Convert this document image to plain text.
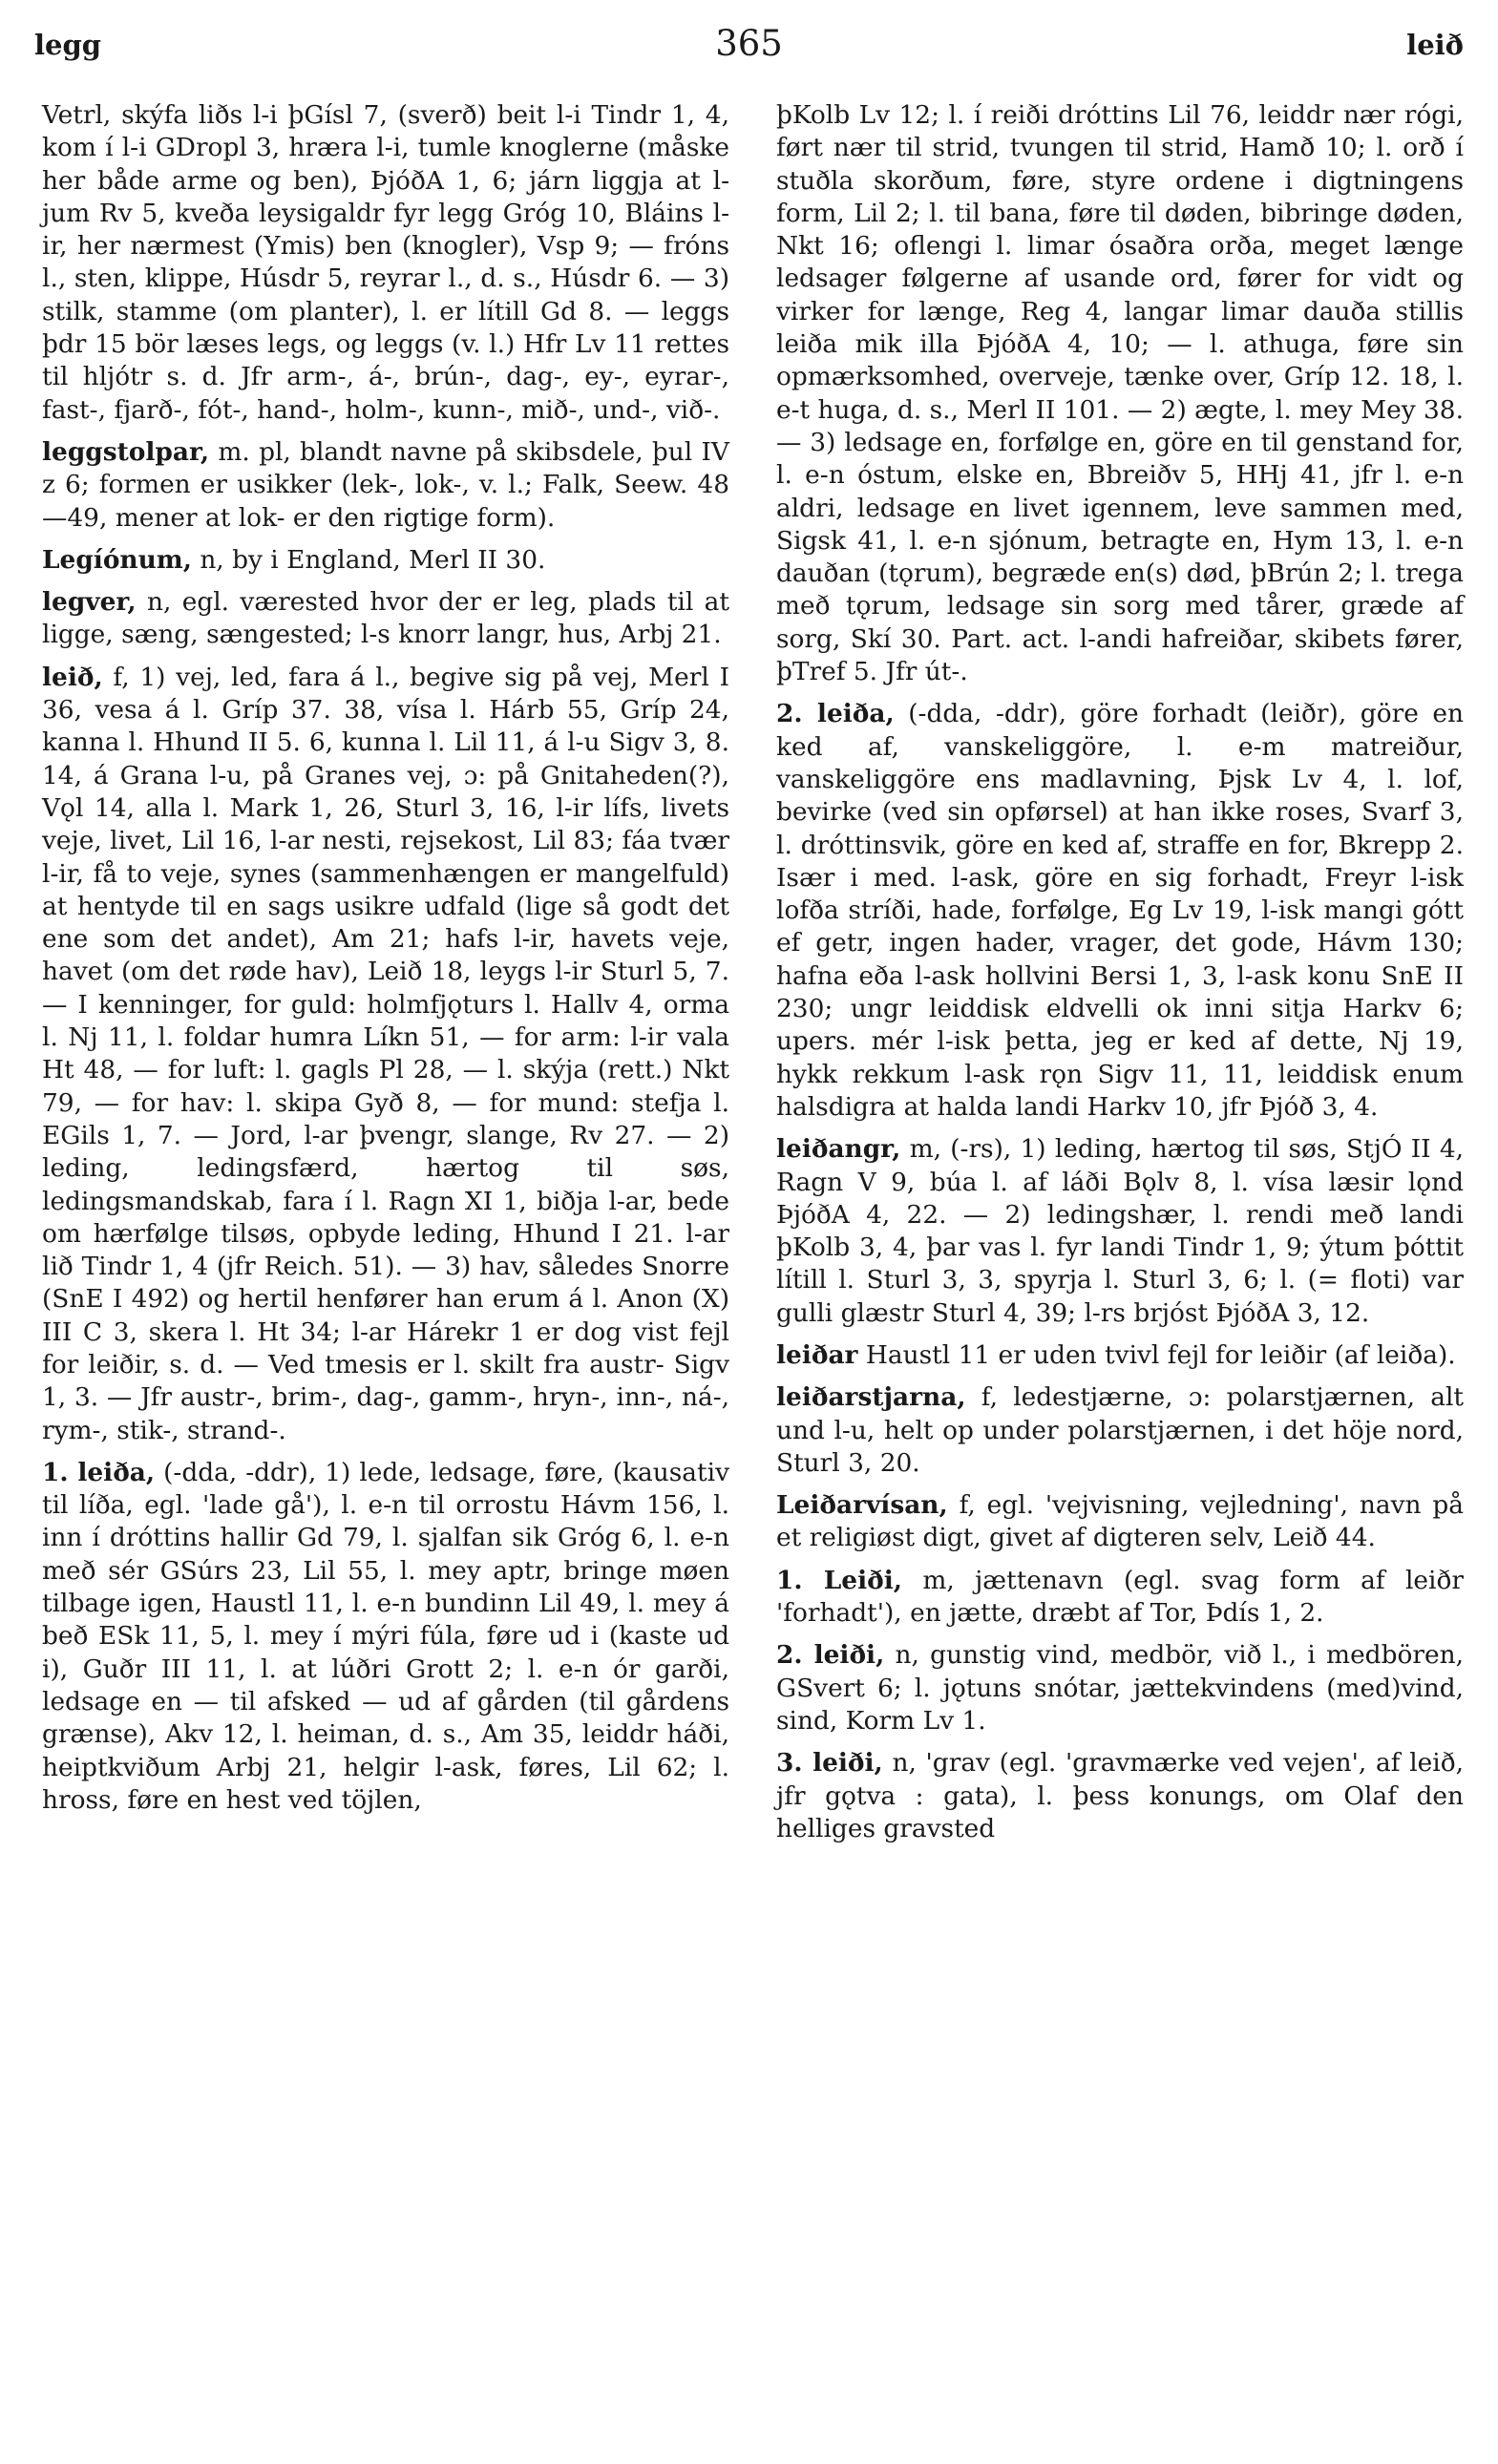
legg	365	leið

Vetrl, skýfa liðs l-i þGísl 7, (sverð) beit l-i Tindr 1, 4, kom í l-i GDropl 3, hræra l-i, tumle knoglerne (måske her både arme og ben), ÞjóðA 1, 6; járn liggja at l-jum Rv 5, kveða leysigaldr fyr legg Gróg 10, Bláins l-ir, her nærmest (Ymis) ben (knogler), Vsp 9; — fróns l., sten, klippe, Húsdr 5, reyrar l., d. s., Húsdr 6. — 3) stilk, stamme (om planter), l. er lítill Gd 8. — leggs þdr 15 bör læses legs, og leggs (v. l.) Hfr Lv 11 rettes til hljótr s. d. Jfr arm-, á-, brún-, dag-, ey-, eyrar-, fast-, fjarð-, fót-, hand-, holm-, kunn-, mið-, und-, við-.

leggstolpar, m. pl, blandt navne på skibsdele, þul IV z 6; formen er usikker (lek-, lok-, v. l.; Falk, Seew. 48—49, mener at lok- er den rigtige form).

Legíónum, n, by i England, Merl II 30.

legver, n, egl. værested hvor der er leg, plads til at ligge, sæng, sængested; l-s knorr langr, hus, Arbj 21.

leið, f, 1) vej, led, fara á l., begive sig på vej, Merl I 36, vesa á l. Gríp 37. 38, vísa l. Hárb 55, Gríp 24, kanna l. Hhund II 5. 6, kunna l. Lil 11, á l-u Sigv 3, 8. 14, á Grana l-u, på Granes vej, ɔ: på Gnitaheden(?), Vǫl 14, alla l. Mark 1, 26, Sturl 3, 16, l-ir lífs, livets veje, livet, Lil 16, l-ar nesti, rejsekost, Lil 83; fáa tvær l-ir, få to veje, synes (sammenhængen er mangelfuld) at hentyde til en sags usikre udfald (lige så godt det ene som det andet), Am 21; hafs l-ir, havets veje, havet (om det røde hav), Leið 18, leygs l-ir Sturl 5, 7. — I kenninger, for guld: holmfjǫturs l. Hallv 4, orma l. Nj 11, l. foldar humra Líkn 51, — for arm: l-ir vala Ht 48, — for luft: l. gagls Pl 28, — l. skýja (rett.) Nkt 79, — for hav: l. skipa Gyð 8, — for mund: stefja l. EGils 1, 7. — Jord, l-ar þvengr, slange, Rv 27. — 2) leding, ledingsfærd, hærtog til søs, ledingsmandskab, fara í l. Ragn XI 1, biðja l-ar, bede om hærfølge tilsøs, opbyde leding, Hhund I 21. l-ar lið Tindr 1, 4 (jfr Reich. 51). — 3) hav, således Snorre (SnE I 492) og hertil henfører han erum á l. Anon (X) III C 3, skera l. Ht 34; l-ar Hárekr 1 er dog vist fejl for leiðir, s. d. — Ved tmesis er l. skilt fra austr- Sigv 1, 3. — Jfr austr-, brim-, dag-, gamm-, hryn-, inn-, ná-, rym-, stik-, strand-.

1. leiða, (-dda, -ddr), 1) lede, ledsage, føre, (kausativ til líða, egl. 'lade gå'), l. e-n til orrostu Hávm 156, l. inn í dróttins hallir Gd 79, l. sjalfan sik Gróg 6, l. e-n með sér GSúrs 23, Lil 55, l. mey aptr, bringe møen tilbage igen, Haustl 11, l. e-n bundinn Lil 49, l. mey á beð ESk 11, 5, l. mey í mýri fúla, føre ud i (kaste ud i), Guðr III 11, l. at lúðri Grott 2; l. e-n ór garði, ledsage en — til afsked — ud af gården (til gårdens grænse), Akv 12, l. heiman, d. s., Am 35, leiddr háði, heiptkviðum Arbj 21, helgir l-ask, føres, Lil 62; l. hross, føre en hest ved töjlen,

þKolb Lv 12; l. í reiði dróttins Lil 76, leiddr nær rógi, ført nær til strid, tvungen til strid, Hamð 10; l. orð í stuðla skorðum, føre, styre ordene i digtningens form, Lil 2; l. til bana, føre til døden, bibringe døden, Nkt 16; oflengi l. limar ósaðra orða, meget længe ledsager følgerne af usande ord, fører for vidt og virker for længe, Reg 4, langar limar dauða stillis leiða mik illa ÞjóðA 4, 10; — l. athuga, føre sin opmærksomhed, overveje, tænke over, Gríp 12. 18, l. e-t huga, d. s., Merl II 101. — 2) ægte, l. mey Mey 38. — 3) ledsage en, forfølge en, göre en til genstand for, l. e-n óstum, elske en, Bbreiðv 5, HHj 41, jfr l. e-n aldri, ledsage en livet igennem, leve sammen med, Sigsk 41, l. e-n sjónum, betragte en, Hym 13, l. e-n dauðan (tǫrum), begræde en(s) død, þBrún 2; l. trega með tǫrum, ledsage sin sorg med tårer, græde af sorg, Skí 30. Part. act. l-andi hafreiðar, skibets fører, þTref 5. Jfr út-.

2. leiða, (-dda, -ddr), göre forhadt (leiðr), göre en ked af, vanskeliggöre, l. e-m matreiður, vanskeliggöre ens madlavning, Þjsk Lv 4, l. lof, bevirke (ved sin opførsel) at han ikke roses, Svarf 3, l. dróttinsvik, göre en ked af, straffe en for, Bkrepp 2. Især i med. l-ask, göre en sig forhadt, Freyr l-isk lofða stríði, hade, forfølge, Eg Lv 19, l-isk mangi gótt ef getr, ingen hader, vrager, det gode, Hávm 130; hafna eða l-ask hollvini Bersi 1, 3, l-ask konu SnE II 230; ungr leiddisk eldvelli ok inni sitja Harkv 6; upers. mér l-isk þetta, jeg er ked af dette, Nj 19, hykk rekkum l-ask rǫn Sigv 11, 11, leiddisk enum halsdigra at halda landi Harkv 10, jfr Þjóð 3, 4.

leiðangr, m, (-rs), 1) leding, hærtog til søs, StjÓ II 4, Ragn V 9, búa l. af láði Bǫlv 8, l. vísa læsir lǫnd ÞjóðA 4, 22. — 2) ledingshær, l. rendi með landi þKolb 3, 4, þar vas l. fyr landi Tindr 1, 9; ýtum þóttit lítill l. Sturl 3, 3, spyrja l. Sturl 3, 6; l. (= floti) var gulli glæstr Sturl 4, 39; l-rs brjóst ÞjóðA 3, 12.

leiðar Haustl 11 er uden tvivl fejl for leiðir (af leiða).

leiðarstjarna, f, ledestjærne, ɔ: polarstjærnen, alt und l-u, helt op under polarstjærnen, i det höje nord, Sturl 3, 20.

Leiðarvísan, f, egl. 'vejvisning, vejledning', navn på et religiøst digt, givet af digteren selv, Leið 44.

1. Leiði, m, jættenavn (egl. svag form af leiðr 'forhadt'), en jætte, dræbt af Tor, Þdís 1, 2.

2. leiði, n, gunstig vind, medbör, við l., i medbören, GSvert 6; l. jǫtuns snótar, jættekvindens (med)vind, sind, Korm Lv 1.

3. leiði, n, 'grav (egl. 'gravmærke ved vejen', af leið, jfr gǫtva : gata), l. þess konungs, om Olaf den helliges gravsted
